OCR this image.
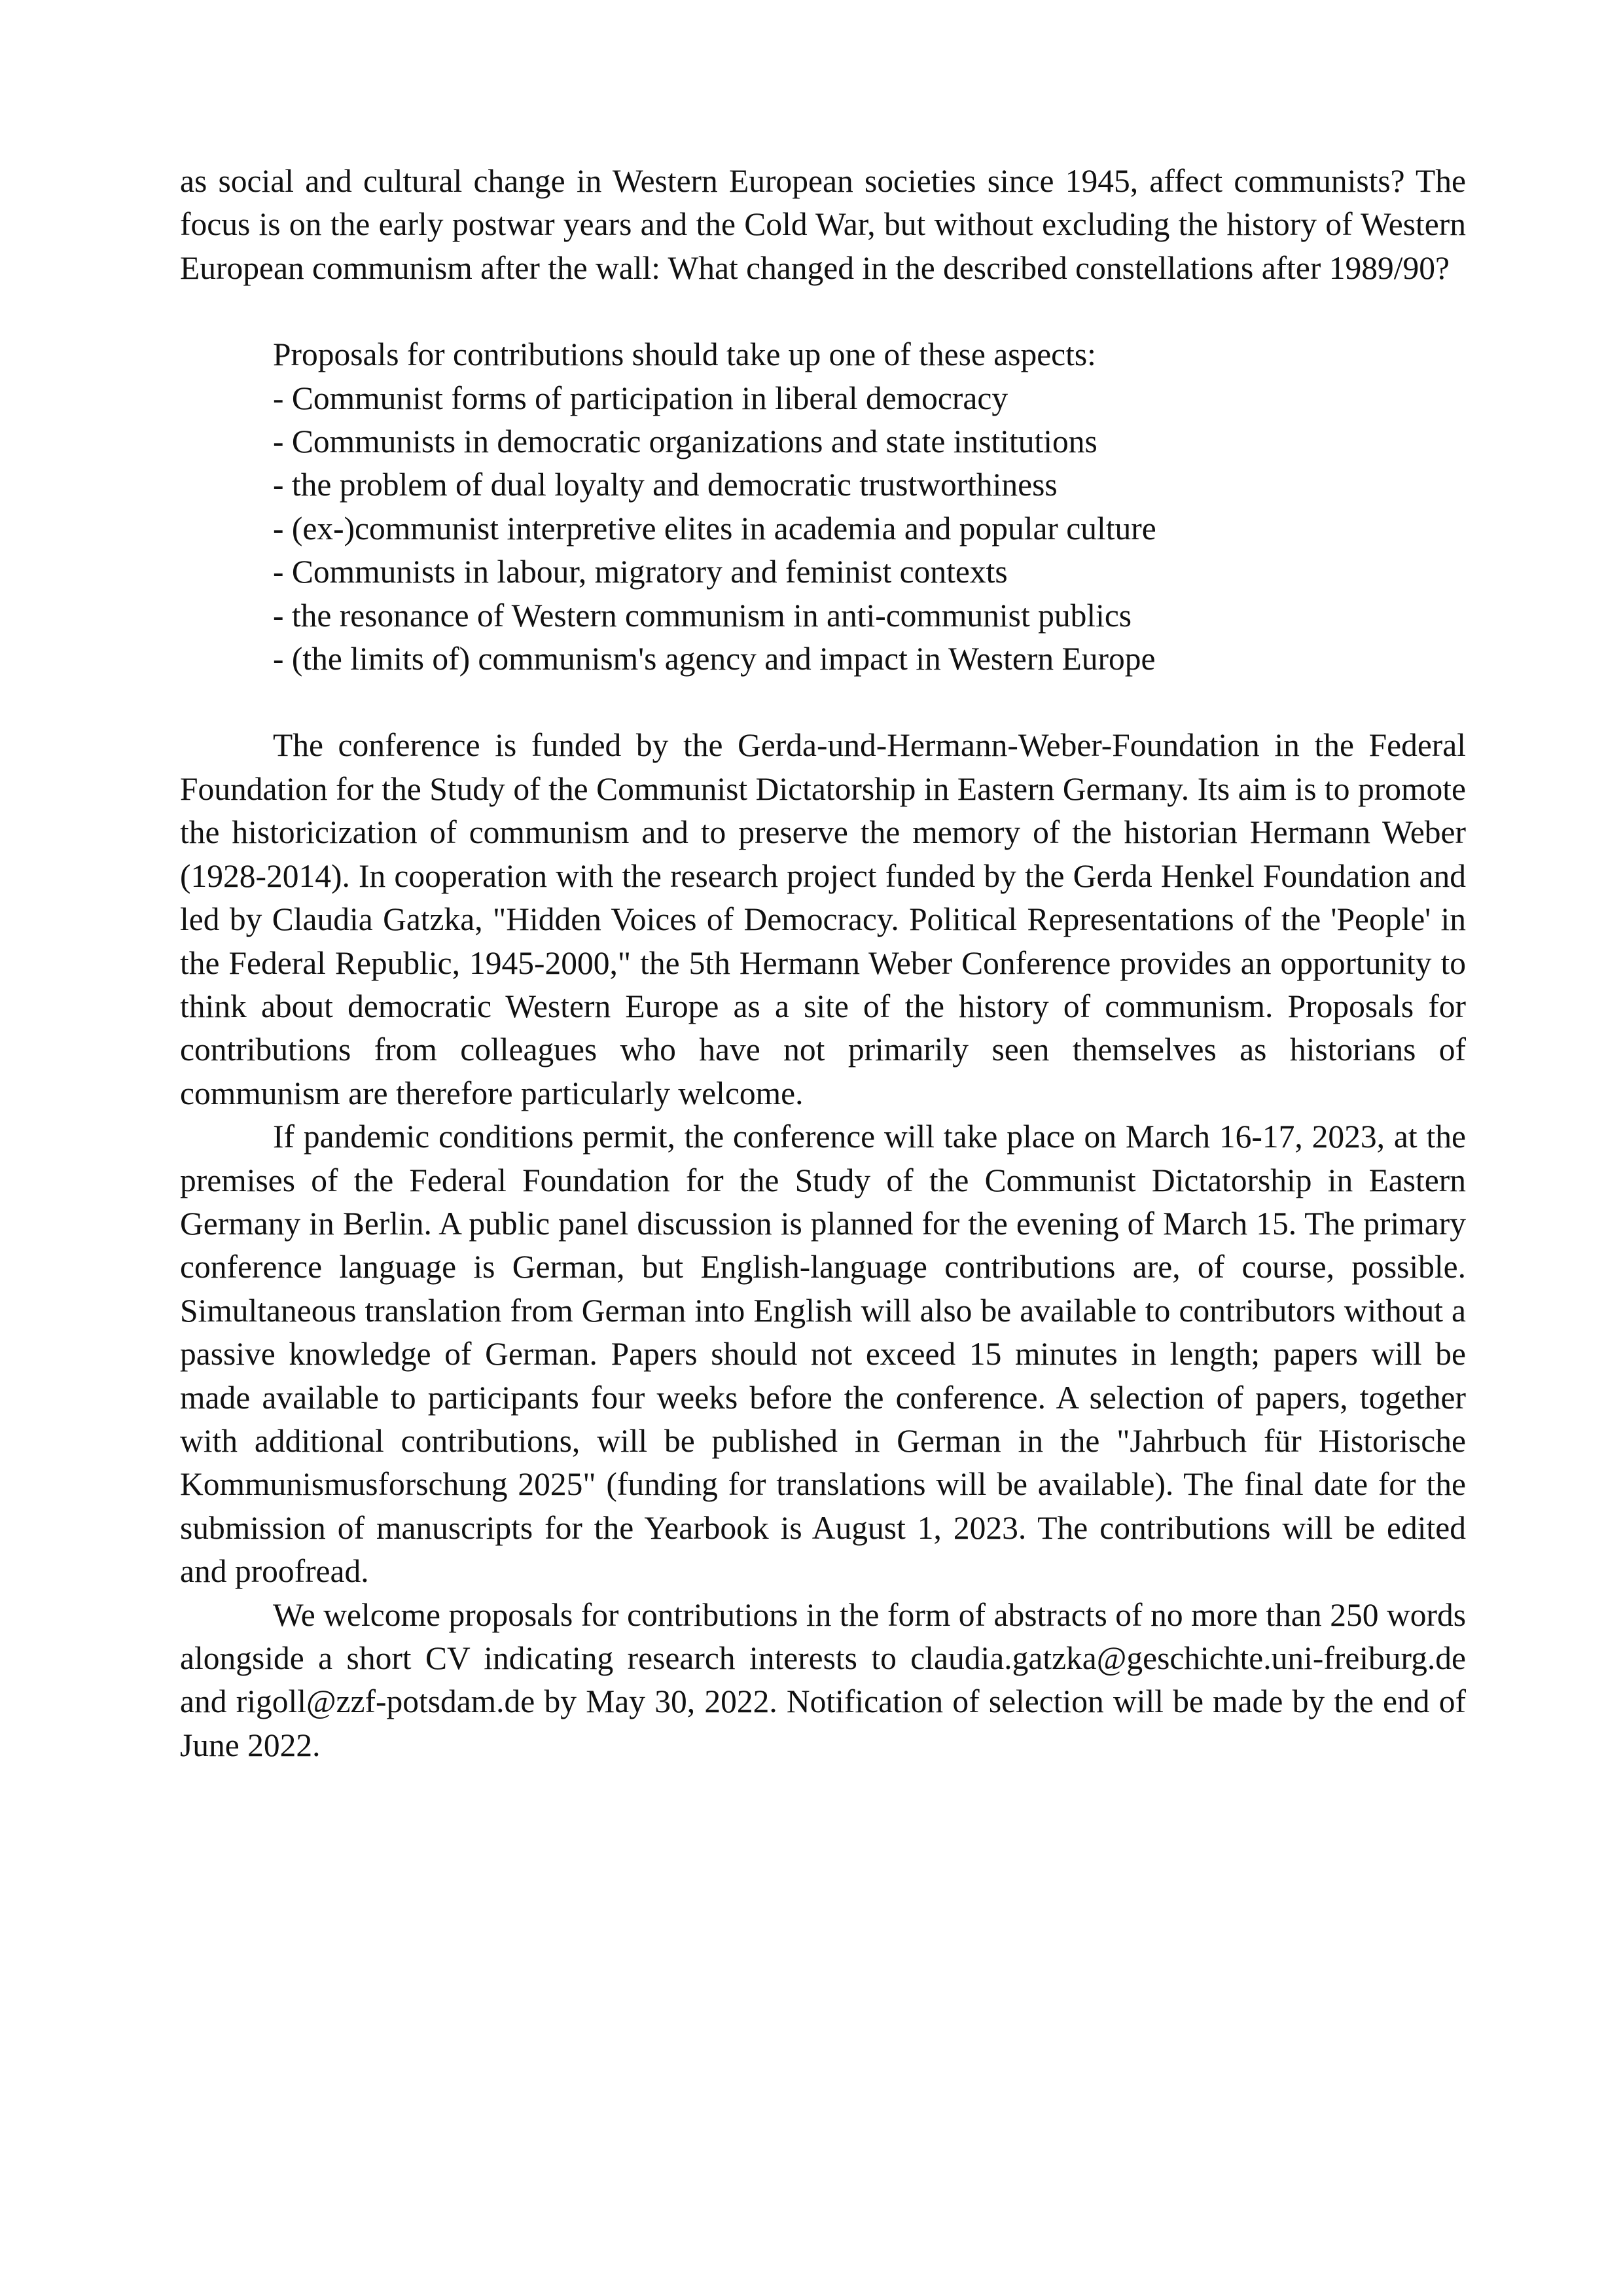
as social and cultural change in Western European societies since 1945, affect communists? The focus is on the early postwar years and the Cold War, but without excluding the history of Western European communism after the wall: What changed in the described constellations after 1989/90?

Proposals for contributions should take up one of these aspects:
- Communist forms of participation in liberal democracy
- Communists in democratic organizations and state institutions
- the problem of dual loyalty and democratic trustworthiness
- (ex-)communist interpretive elites in academia and popular culture
- Communists in labour, migratory and feminist contexts
- the resonance of Western communism in anti-communist publics
- (the limits of) communism's agency and impact in Western Europe

The conference is funded by the Gerda-und-Hermann-Weber-Foundation in the Federal Foundation for the Study of the Communist Dictatorship in Eastern Germany. Its aim is to promote the historicization of communism and to preserve the memory of the historian Hermann Weber (1928-2014). In cooperation with the research project funded by the Gerda Henkel Foundation and led by Claudia Gatzka, "Hidden Voices of Democracy. Political Representations of the 'People' in the Federal Republic, 1945-2000," the 5th Hermann Weber Conference provides an opportunity to think about democratic Western Europe as a site of the history of communism. Proposals for contributions from colleagues who have not primarily seen themselves as historians of communism are therefore particularly welcome.

If pandemic conditions permit, the conference will take place on March 16-17, 2023, at the premises of the Federal Foundation for the Study of the Communist Dictatorship in Eastern Germany in Berlin. A public panel discussion is planned for the evening of March 15. The primary conference language is German, but English-language contributions are, of course, possible. Simultaneous translation from German into English will also be available to contributors without a passive knowledge of German. Papers should not exceed 15 minutes in length; papers will be made available to participants four weeks before the conference. A selection of papers, together with additional contributions, will be published in German in the "Jahrbuch für Historische Kommunismusforschung 2025" (funding for translations will be available). The final date for the submission of manuscripts for the Yearbook is August 1, 2023. The contributions will be edited and proofread.

We welcome proposals for contributions in the form of abstracts of no more than 250 words alongside a short CV indicating research interests to claudia.gatzka@geschichte.uni-freiburg.de and rigoll@zzf-potsdam.de by May 30, 2022. Notification of selection will be made by the end of June 2022.
